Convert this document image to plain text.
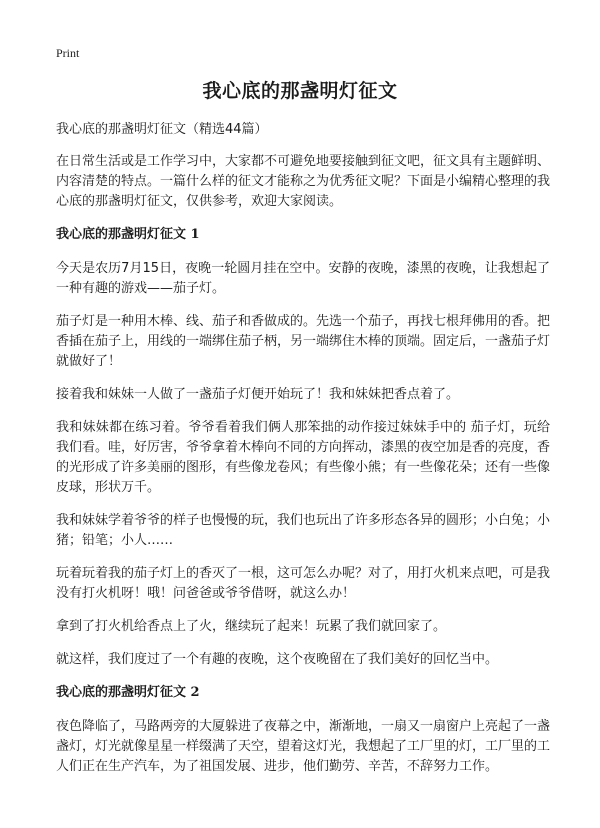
Print
我心底的那盏明灯征文

我心底的那盏明灯征文（精选44篇）

在日常生活或是工作学习中，大家都不可避免地要接触到征文吧，征文具有主题鲜明、内容清楚的特点。一篇什么样的征文才能称之为优秀征文呢？下面是小编精心整理的我心底的那盏明灯征文，仅供参考，欢迎大家阅读。

我心底的那盏明灯征文 1

今天是农历7月15日，夜晚一轮圆月挂在空中。安静的夜晚，漆黑的夜晚，让我想起了一种有趣的游戏——茄子灯。

茄子灯是一种用木棒、线、茄子和香做成的。先选一个茄子，再找七根拜佛用的香。把香插在茄子上，用线的一端绑住茄子柄，另一端绑住木棒的顶端。固定后，一盏茄子灯就做好了！

接着我和妹妹一人做了一盏茄子灯便开始玩了！我和妹妹把香点着了。

我和妹妹都在练习着。爷爷看着我们俩人那笨拙的动作接过妹妹手中的 茄子灯，玩给我们看。哇，好厉害，爷爷拿着木棒向不同的方向挥动，漆黑的夜空加是香的亮度，香的光形成了许多美丽的图形，有些像龙卷风；有些像小熊；有一些像花朵；还有一些像皮球，形状万千。

我和妹妹学着爷爷的样子也慢慢的玩，我们也玩出了许多形态各异的圆形；小白兔；小猪；铅笔；小人……

玩着玩着我的茄子灯上的香灭了一根，这可怎么办呢？对了，用打火机来点吧，可是我没有打火机呀！哦！问爸爸或爷爷借呀，就这么办！

拿到了打火机给香点上了火，继续玩了起来！玩累了我们就回家了。

就这样，我们度过了一个有趣的夜晚，这个夜晚留在了我们美好的回忆当中。

我心底的那盏明灯征文 2

夜色降临了，马路两旁的大厦躲进了夜幕之中，渐渐地，一扇又一扇窗户上亮起了一盏盏灯，灯光就像星星一样缀满了天空，望着这灯光，我想起了工厂里的灯，工厂里的工人们正在生产汽车，为了祖国发展、进步，他们勤劳、辛苦，不辞努力工作。
